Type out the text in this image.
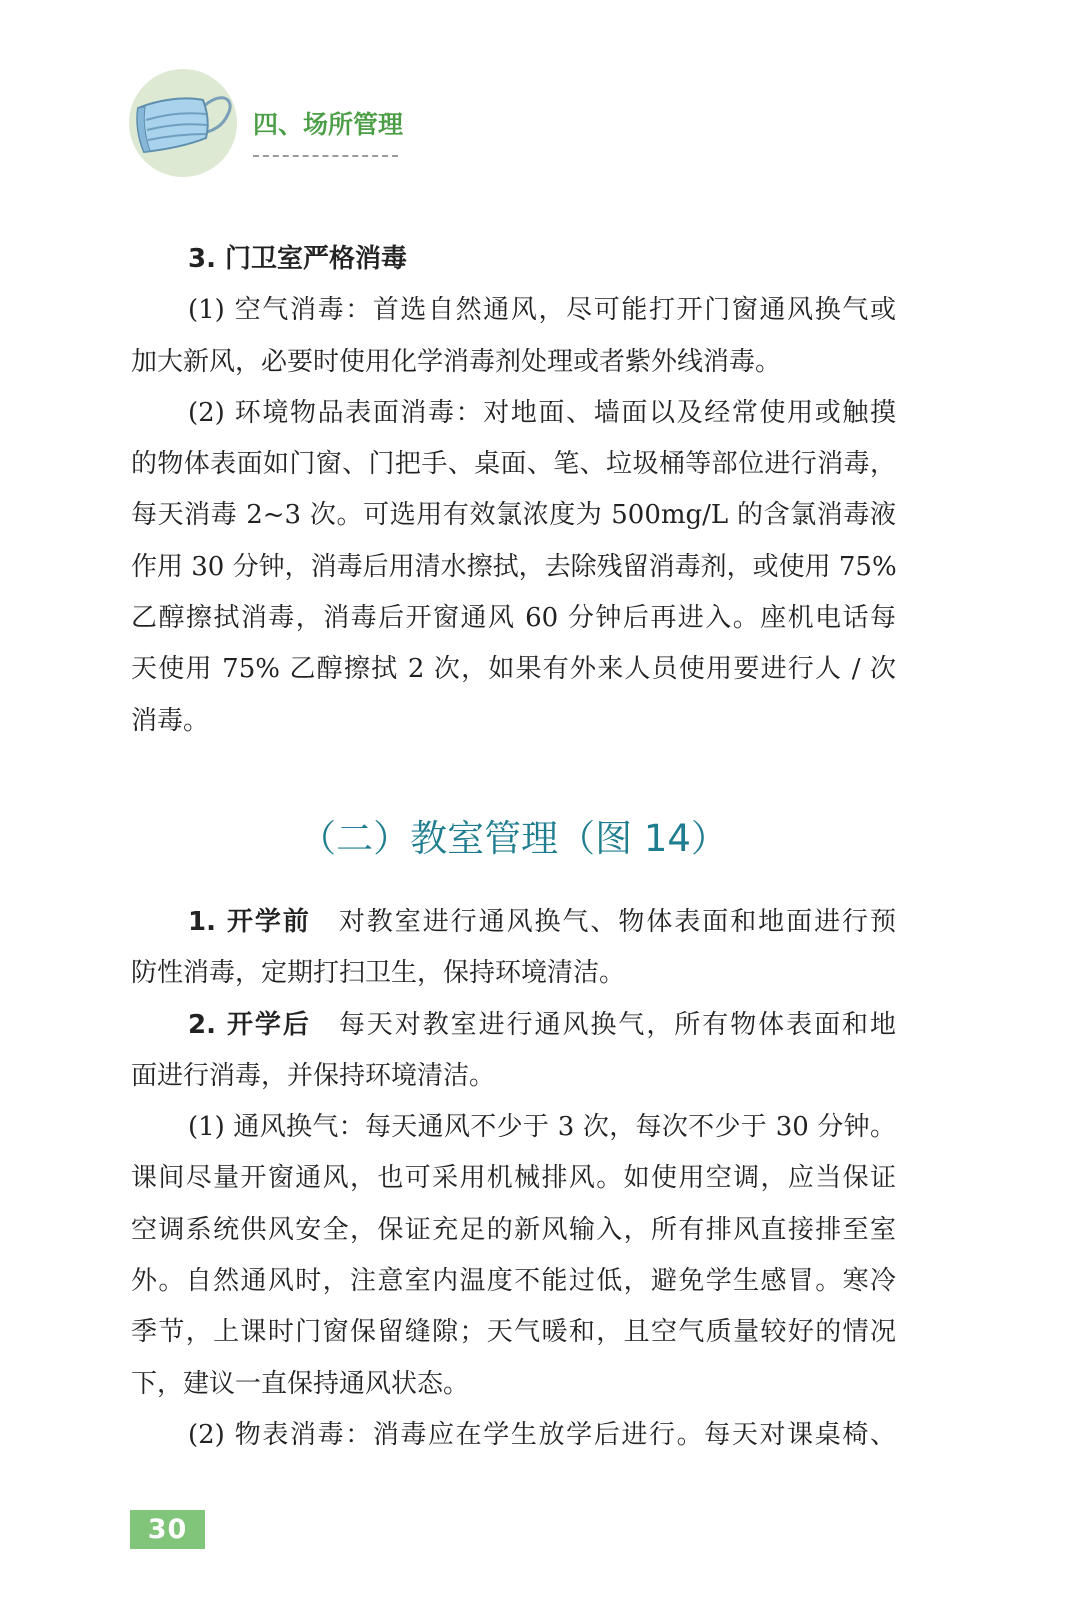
四、场所管理
3. 门卫室严格消毒
(1) 空气消毒：首选自然通风，尽可能打开门窗通风换气或
加大新风，必要时使用化学消毒剂处理或者紫外线消毒。
(2) 环境物品表面消毒：对地面、墙面以及经常使用或触摸
的物体表面如门窗、门把手、桌面、笔、垃圾桶等部位进行消毒，
每天消毒 2~3 次。可选用有效氯浓度为 500mg/L 的含氯消毒液
作用 30 分钟，消毒后用清水擦拭，去除残留消毒剂，或使用 75%
乙醇擦拭消毒，消毒后开窗通风 60 分钟后再进入。座机电话每
天使用 75% 乙醇擦拭 2 次，如果有外来人员使用要进行人 / 次
消毒。
（二）教室管理（图 14）
1. 开学前 对教室进行通风换气、物体表面和地面进行预
防性消毒，定期打扫卫生，保持环境清洁。
2. 开学后 每天对教室进行通风换气，所有物体表面和地
面进行消毒，并保持环境清洁。
(1) 通风换气：每天通风不少于 3 次，每次不少于 30 分钟。
课间尽量开窗通风，也可采用机械排风。如使用空调，应当保证
空调系统供风安全，保证充足的新风输入，所有排风直接排至室
外。自然通风时，注意室内温度不能过低，避免学生感冒。寒冷
季节，上课时门窗保留缝隙；天气暖和，且空气质量较好的情况
下，建议一直保持通风状态。
(2) 物表消毒：消毒应在学生放学后进行。每天对课桌椅、
30
